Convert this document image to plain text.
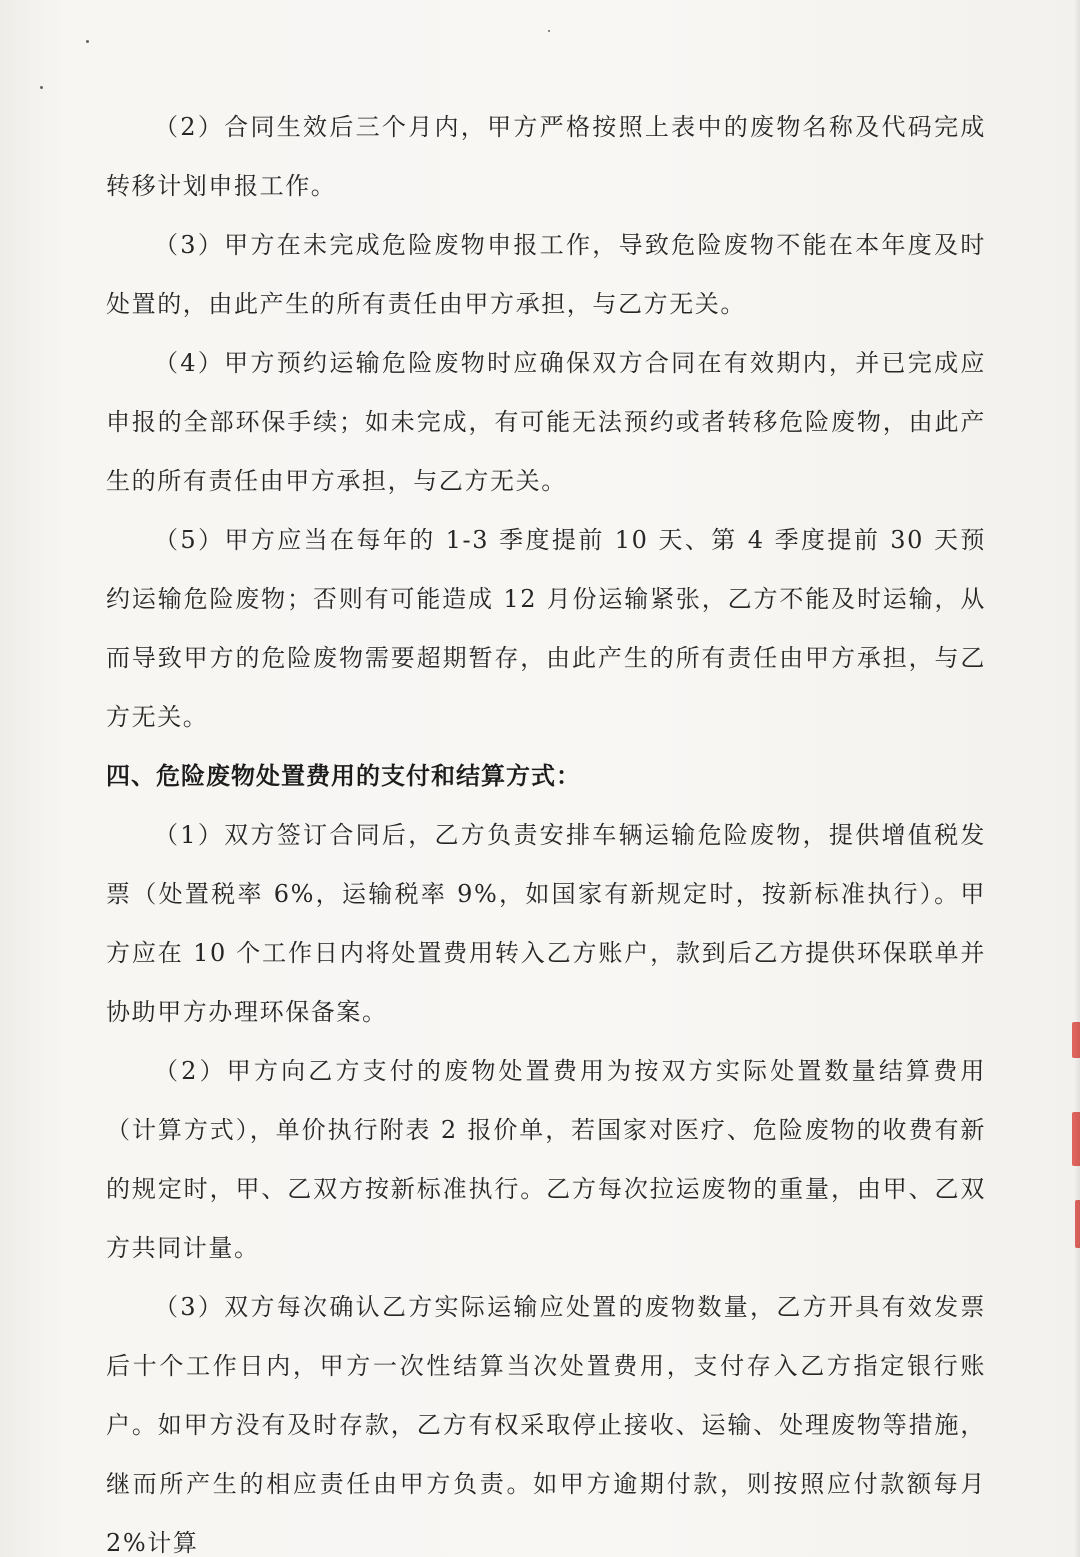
（2）合同生效后三个月内，甲方严格按照上表中的废物名称及代码完成转移计划申报工作。

（3）甲方在未完成危险废物申报工作，导致危险废物不能在本年度及时处置的，由此产生的所有责任由甲方承担，与乙方无关。

（4）甲方预约运输危险废物时应确保双方合同在有效期内，并已完成应申报的全部环保手续；如未完成，有可能无法预约或者转移危险废物，由此产生的所有责任由甲方承担，与乙方无关。

（5）甲方应当在每年的 1-3 季度提前 10 天、第 4 季度提前 30 天预约运输危险废物；否则有可能造成 12 月份运输紧张，乙方不能及时运输，从而导致甲方的危险废物需要超期暂存，由此产生的所有责任由甲方承担，与乙方无关。

四、危险废物处置费用的支付和结算方式：

（1）双方签订合同后，乙方负责安排车辆运输危险废物，提供增值税发票（处置税率 6%，运输税率 9%，如国家有新规定时，按新标准执行）。甲方应在 10 个工作日内将处置费用转入乙方账户，款到后乙方提供环保联单并协助甲方办理环保备案。

（2）甲方向乙方支付的废物处置费用为按双方实际处置数量结算费用（计算方式），单价执行附表 2 报价单，若国家对医疗、危险废物的收费有新的规定时，甲、乙双方按新标准执行。乙方每次拉运废物的重量，由甲、乙双方共同计量。

（3）双方每次确认乙方实际运输应处置的废物数量，乙方开具有效发票后十个工作日内，甲方一次性结算当次处置费用，支付存入乙方指定银行账户。如甲方没有及时存款，乙方有权采取停止接收、运输、处理废物等措施，继而所产生的相应责任由甲方负责。如甲方逾期付款，则按照应付款额每月 2%计算
